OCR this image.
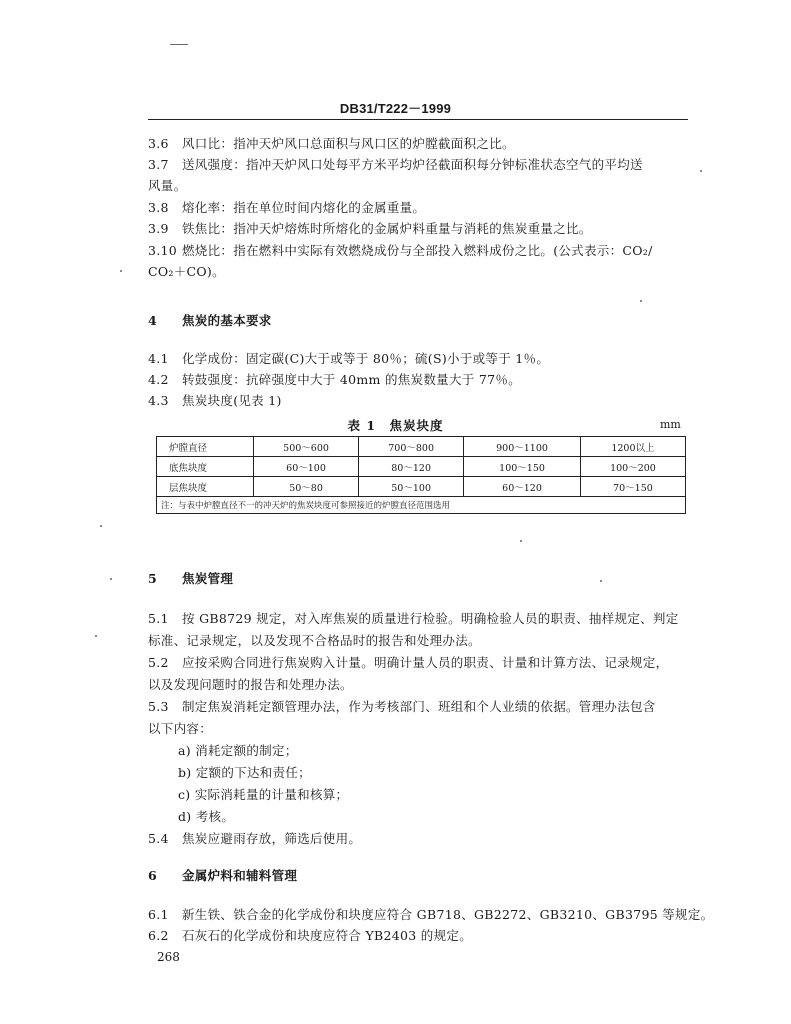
DB31/T222－1999
3.6 风口比：指冲天炉风口总面积与风口区的炉膛截面积之比。
3.7 送风强度：指冲天炉风口处每平方米平均炉径截面积每分钟标准状态空气的平均送
风量。
3.8 熔化率：指在单位时间内熔化的金属重量。
3.9 铁焦比：指冲天炉熔炼时所熔化的金属炉料重量与消耗的焦炭重量之比。
3.10 燃烧比：指在燃料中实际有效燃烧成份与全部投入燃料成份之比。(公式表示：CO₂/
CO₂＋CO)。
4 焦炭的基本要求
4.1 化学成份：固定碳(C)大于或等于 80％；硫(S)小于或等于 1％。
4.2 转鼓强度：抗碎强度中大于 40mm 的焦炭数量大于 77％。
4.3 焦炭块度(见表 1)
表 1　焦炭块度	mm
炉膛直径	500～600	700～800	900～1100	1200以上
底焦块度	60～100	80～120	100～150	100～200
层焦块度	50～80	50～100	60～120	70～150
注：与表中炉膛直径不一的冲天炉的焦炭块度可参照接近的炉膛直径范围选用				
5 焦炭管理
5.1 按 GB8729 规定，对入库焦炭的质量进行检验。明确检验人员的职责、抽样规定、判定
标准、记录规定，以及发现不合格品时的报告和处理办法。
5.2 应按采购合同进行焦炭购入计量。明确计量人员的职责、计量和计算方法、记录规定，
以及发现问题时的报告和处理办法。
5.3 制定焦炭消耗定额管理办法，作为考核部门、班组和个人业绩的依据。管理办法包含
以下内容：
a) 消耗定额的制定；
b) 定额的下达和责任；
c) 实际消耗量的计量和核算；
d) 考核。
5.4 焦炭应避雨存放，筛选后使用。
6 金属炉料和辅料管理
6.1 新生铁、铁合金的化学成份和块度应符合 GB718、GB2272、GB3210、GB3795 等规定。
6.2 石灰石的化学成份和块度应符合 YB2403 的规定。
268
